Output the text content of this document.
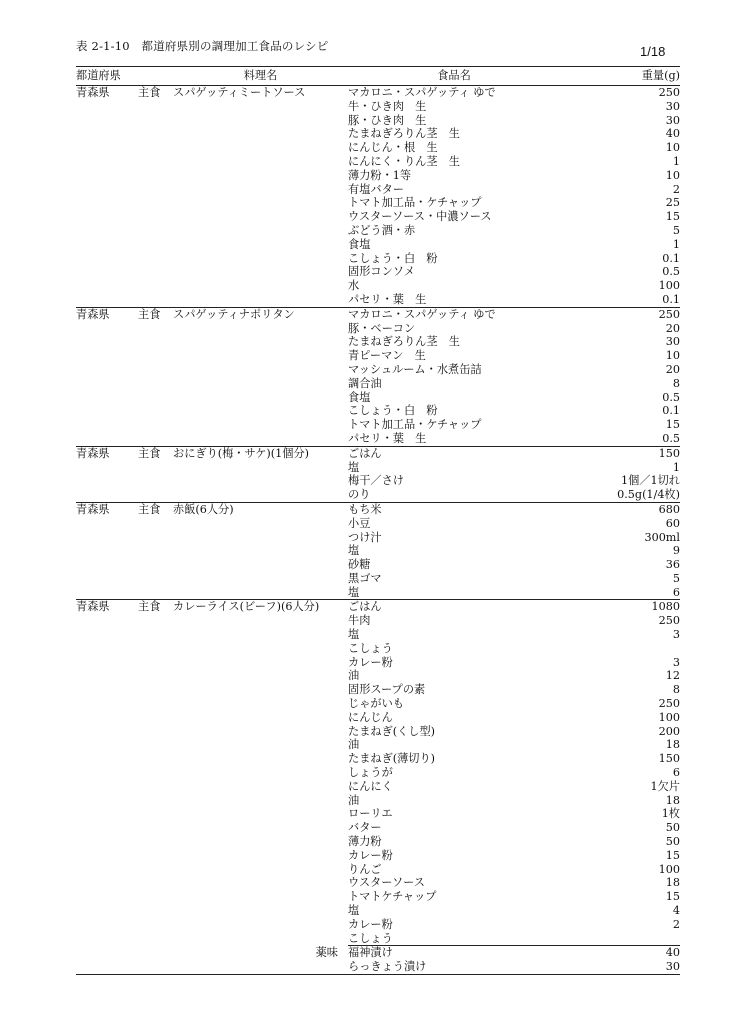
表 2-1-10　都道府県別の調理加工食品のレシピ	1/18
都道府県		料理名	食品名	重量(g)
青森県	主食	スパゲッティミートソース	マカロニ・スパゲッティ ゆで	250
			牛・ひき肉　生	30
			豚・ひき肉　生	30
			たまねぎろりん茎　生	40
			にんじん・根　生	10
			にんにく・りん茎　生	1
			薄力粉・1等	10
			有塩バター	2
			トマト加工品・ケチャップ	25
			ウスターソース・中濃ソース	15
			ぶどう酒・赤	5
			食塩	1
			こしょう・白　粉	0.1
			固形コンソメ	0.5
			水	100
			パセリ・葉　生	0.1
青森県	主食	スパゲッティナポリタン	マカロニ・スパゲッティ ゆで	250
			豚・ベーコン	20
			たまねぎろりん茎　生	30
			青ピーマン　生	10
			マッシュルーム・水煮缶詰	20
			調合油	8
			食塩	0.5
			こしょう・白　粉	0.1
			トマト加工品・ケチャップ	15
			パセリ・葉　生	0.5
青森県	主食	おにぎり(梅・サケ)(1個分)	ごはん	150
			塩	1
			梅干／さけ	1個／1切れ
			のり	0.5g(1/4枚)
青森県	主食	赤飯(6人分)	もち米	680
			小豆	60
			つけ汁	300ml
			塩	9
			砂糖	36
			黒ゴマ	5
			塩	6
青森県	主食	カレーライス(ビーフ)(6人分)	ごはん	1080
			牛肉	250
			塩	3
			こしょう	
			カレー粉	3
			油	12
			固形スープの素	8
			じゃがいも	250
			にんじん	100
			たまねぎ(くし型)	200
			油	18
			たまねぎ(薄切り)	150
			しょうが	6
			にんにく	1欠片
			油	18
			ローリエ	1枚
			バター	50
			薄力粉	50
			カレー粉	15
			りんご	100
			ウスターソース	18
			トマトケチャップ	15
			塩	4
			カレー粉	2
			こしょう	
		薬味	福神漬け	40
			らっきょう漬け	30
